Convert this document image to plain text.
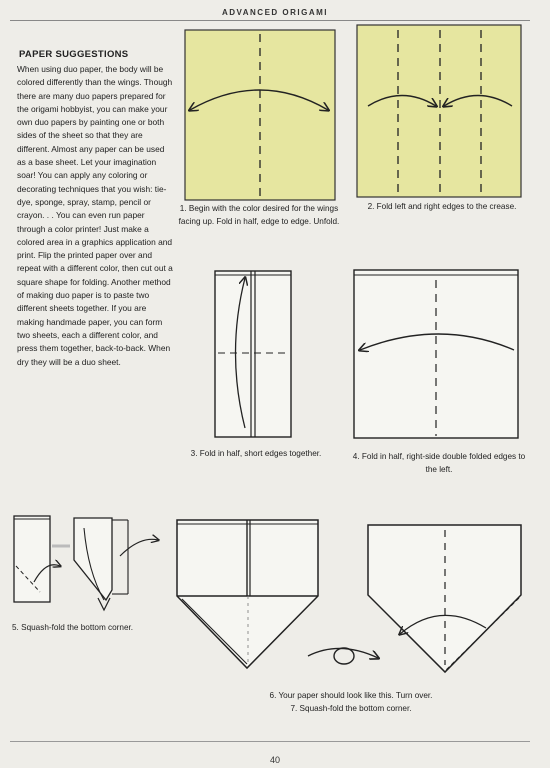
ADVANCED ORIGAMI
PAPER SUGGESTIONS
When using duo paper, the body will be colored differently than the wings. Though there are many duo papers prepared for the origami hobbyist, you can make your own duo papers by painting one or both sides of the sheet so that they are different. Almost any paper can be used as a base sheet. Let your imagination soar! You can apply any coloring or decorating techniques that you wish: tie-dye, sponge, spray, stamp, pencil or crayon. . . You can even run paper through a color printer! Just make a colored area in a graphics application and print. Flip the printed paper over and repeat with a different color, then cut out a square shape for folding. Another method of making duo paper is to paste two different sheets together. If you are making handmade paper, you can form two sheets, each a different color, and press them together, back-to-back. When dry they will be a duo sheet.
1. Begin with the color desired for the wings facing up. Fold in half, edge to edge. Unfold.
2. Fold left and right edges to the crease.
3. Fold in half, short edges together.	4. Fold in half, right-side double folded edges to the left.
5. Squash-fold the bottom corner.
6. Your paper should look like this. Turn over.
7. Squash-fold the bottom corner.
40
